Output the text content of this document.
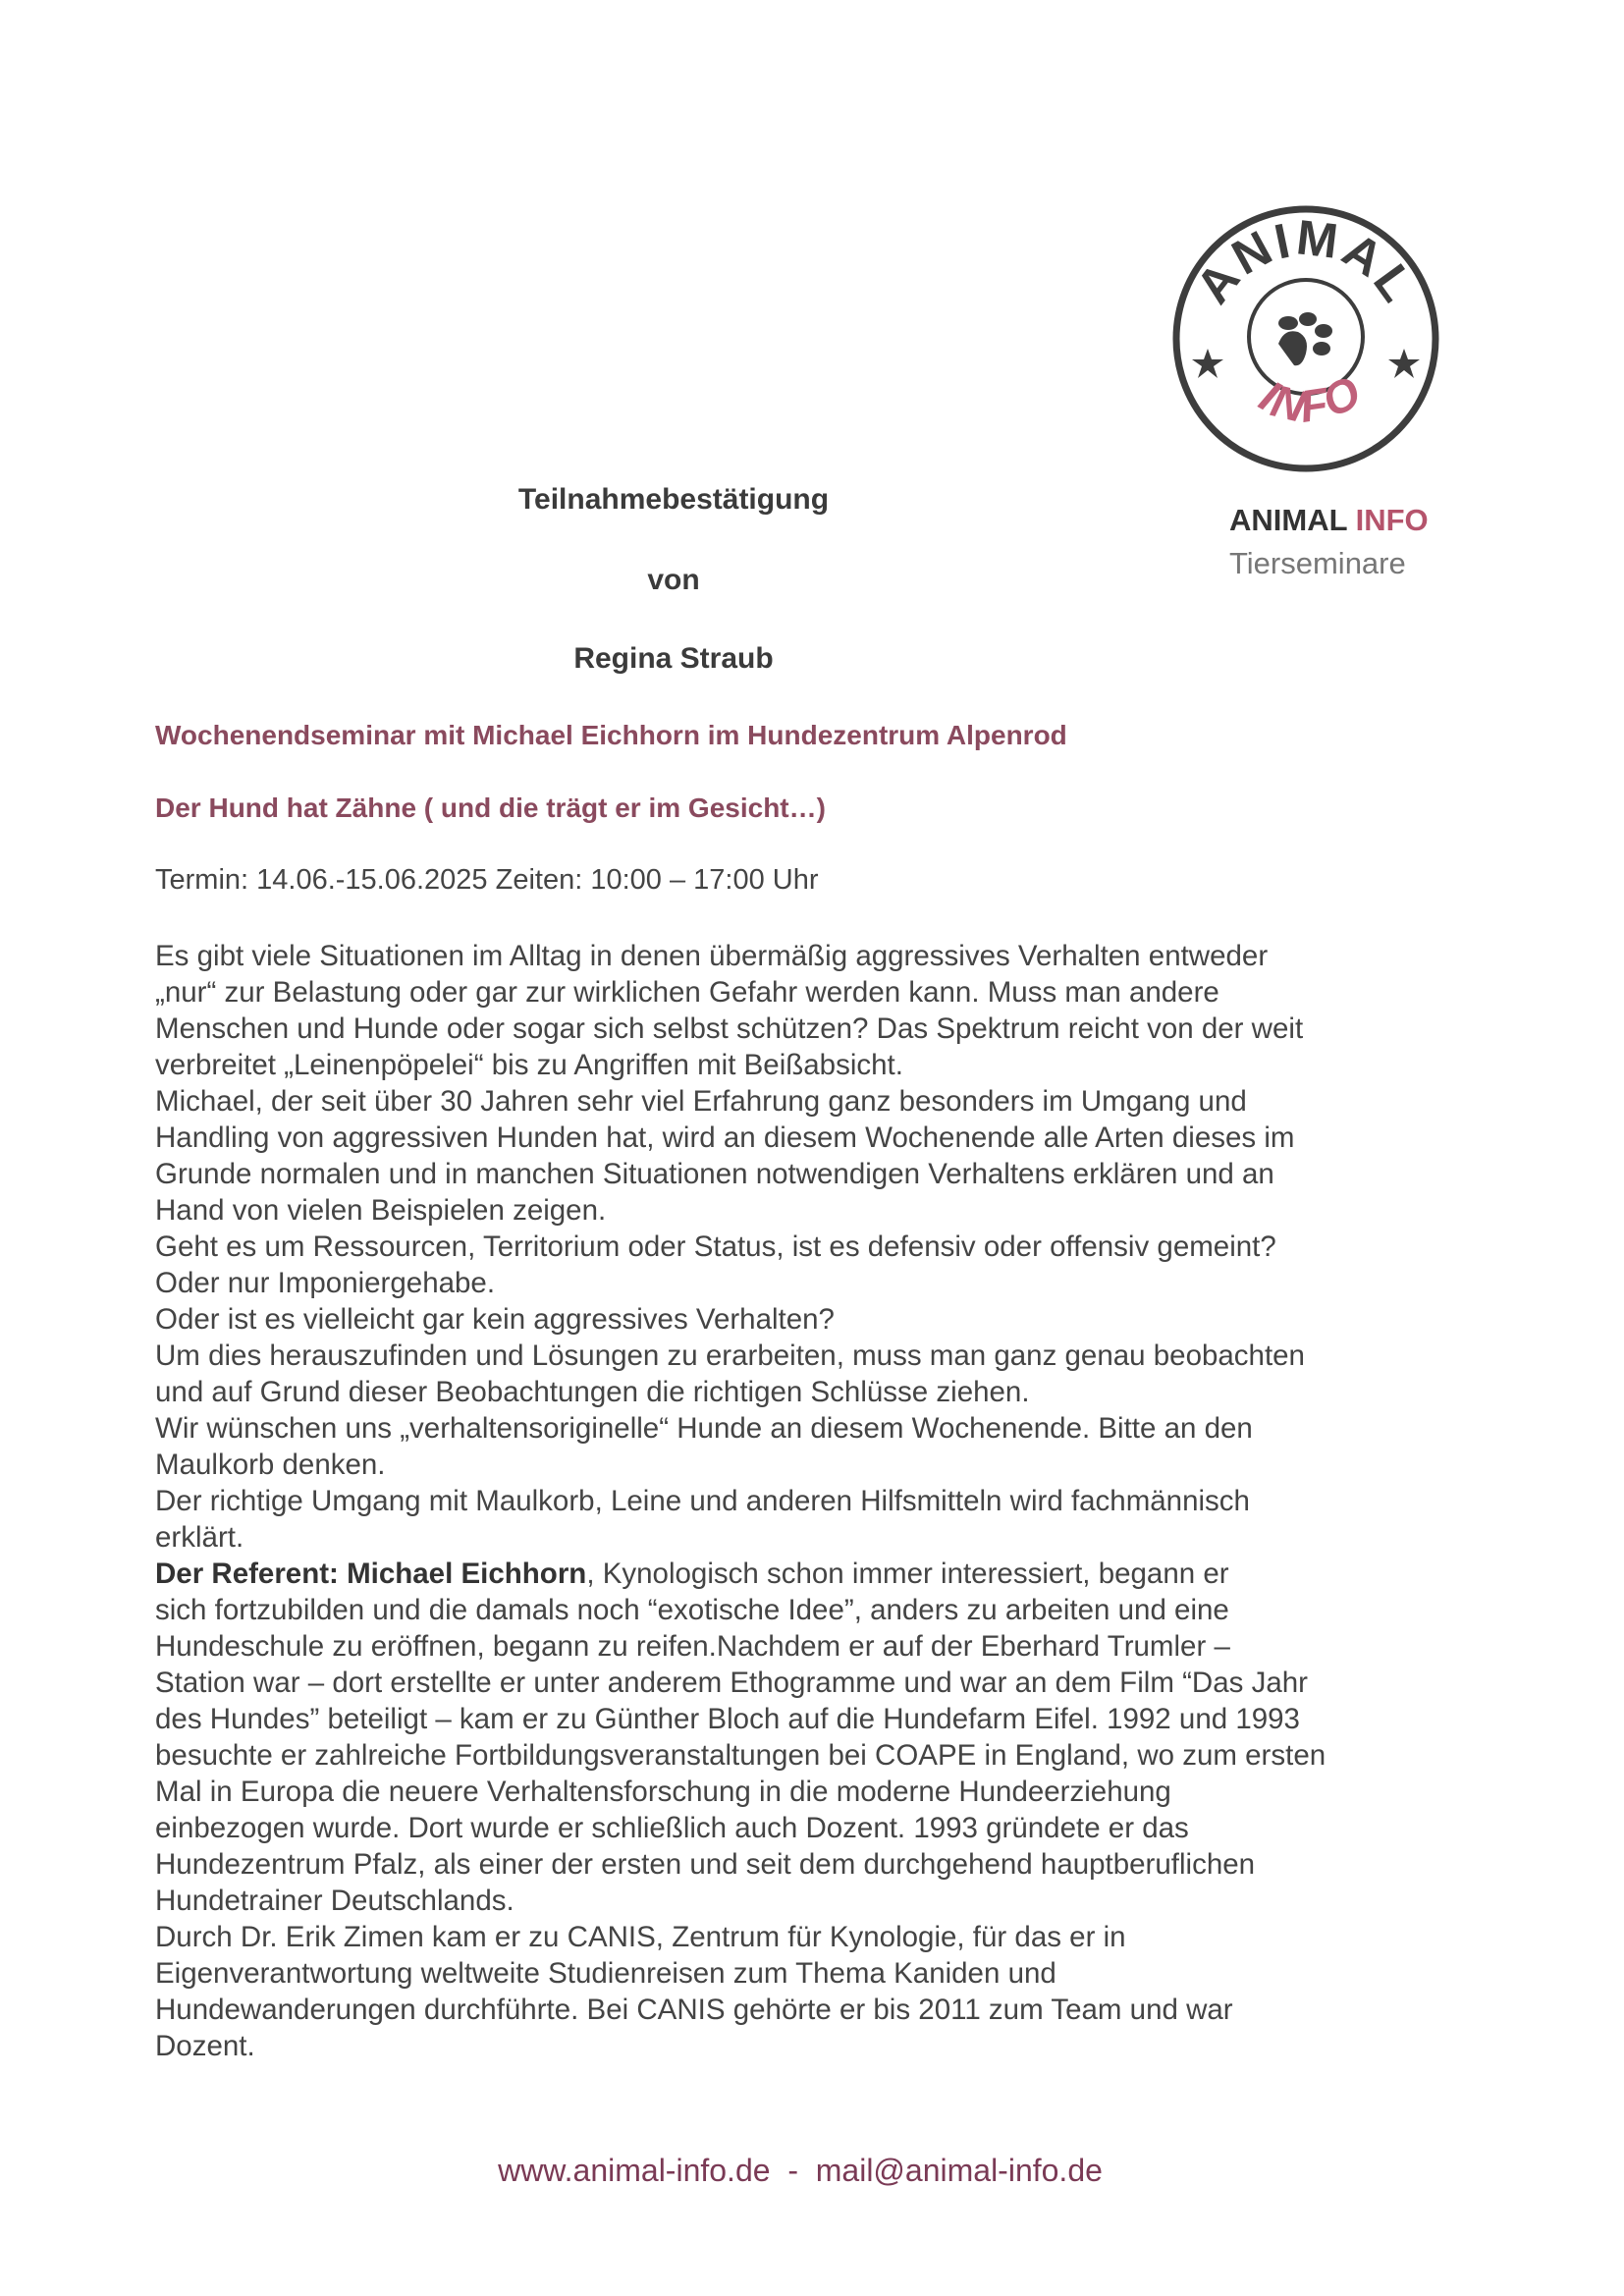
ANIMAL
INFO
ANIMAL INFO
Tierseminare
Teilnahmebestätigung
von
Regina Straub
Wochenendseminar mit Michael Eichhorn im Hundezentrum Alpenrod
Der Hund hat Zähne ( und die trägt er im Gesicht…)
Termin: 14.06.-15.06.2025 Zeiten: 10:00 – 17:00 Uhr
Es gibt viele Situationen im Alltag in denen übermäßig aggressives Verhalten entweder
„nur“ zur Belastung oder gar zur wirklichen Gefahr werden kann. Muss man andere
Menschen und Hunde oder sogar sich selbst schützen? Das Spektrum reicht von der weit
verbreitet „Leinenpöpelei“ bis zu Angriffen mit Beißabsicht.
Michael, der seit über 30 Jahren sehr viel Erfahrung ganz besonders im Umgang und
Handling von aggressiven Hunden hat, wird an diesem Wochenende alle Arten dieses im
Grunde normalen und in manchen Situationen notwendigen Verhaltens erklären und an
Hand von vielen Beispielen zeigen.
Geht es um Ressourcen, Territorium oder Status, ist es defensiv oder offensiv gemeint?
Oder nur Imponiergehabe.
Oder ist es vielleicht gar kein aggressives Verhalten?
Um dies herauszufinden und Lösungen zu erarbeiten, muss man ganz genau beobachten
und auf Grund dieser Beobachtungen die richtigen Schlüsse ziehen.
Wir wünschen uns „verhaltensoriginelle“ Hunde an diesem Wochenende. Bitte an den
Maulkorb denken.
Der richtige Umgang mit Maulkorb, Leine und anderen Hilfsmitteln wird fachmännisch
erklärt.
Der Referent: Michael Eichhorn, Kynologisch schon immer interessiert, begann er
sich fortzubilden und die damals noch “exotische Idee”, anders zu arbeiten und eine
Hundeschule zu eröffnen, begann zu reifen.Nachdem er auf der Eberhard Trumler –
Station war – dort erstellte er unter anderem Ethogramme und war an dem Film “Das Jahr
des Hundes” beteiligt – kam er zu Günther Bloch auf die Hundefarm Eifel. 1992 und 1993
besuchte er zahlreiche Fortbildungsveranstaltungen bei COAPE in England, wo zum ersten
Mal in Europa die neuere Verhaltensforschung in die moderne Hundeerziehung
einbezogen wurde. Dort wurde er schließlich auch Dozent. 1993 gründete er das
Hundezentrum Pfalz, als einer der ersten und seit dem durchgehend hauptberuflichen
Hundetrainer Deutschlands.
Durch Dr. Erik Zimen kam er zu CANIS, Zentrum für Kynologie, für das er in
Eigenverantwortung weltweite Studienreisen zum Thema Kaniden und
Hundewanderungen durchführte. Bei CANIS gehörte er bis 2011 zum Team und war
Dozent.
www.animal-info.de  -  mail@animal-info.de
